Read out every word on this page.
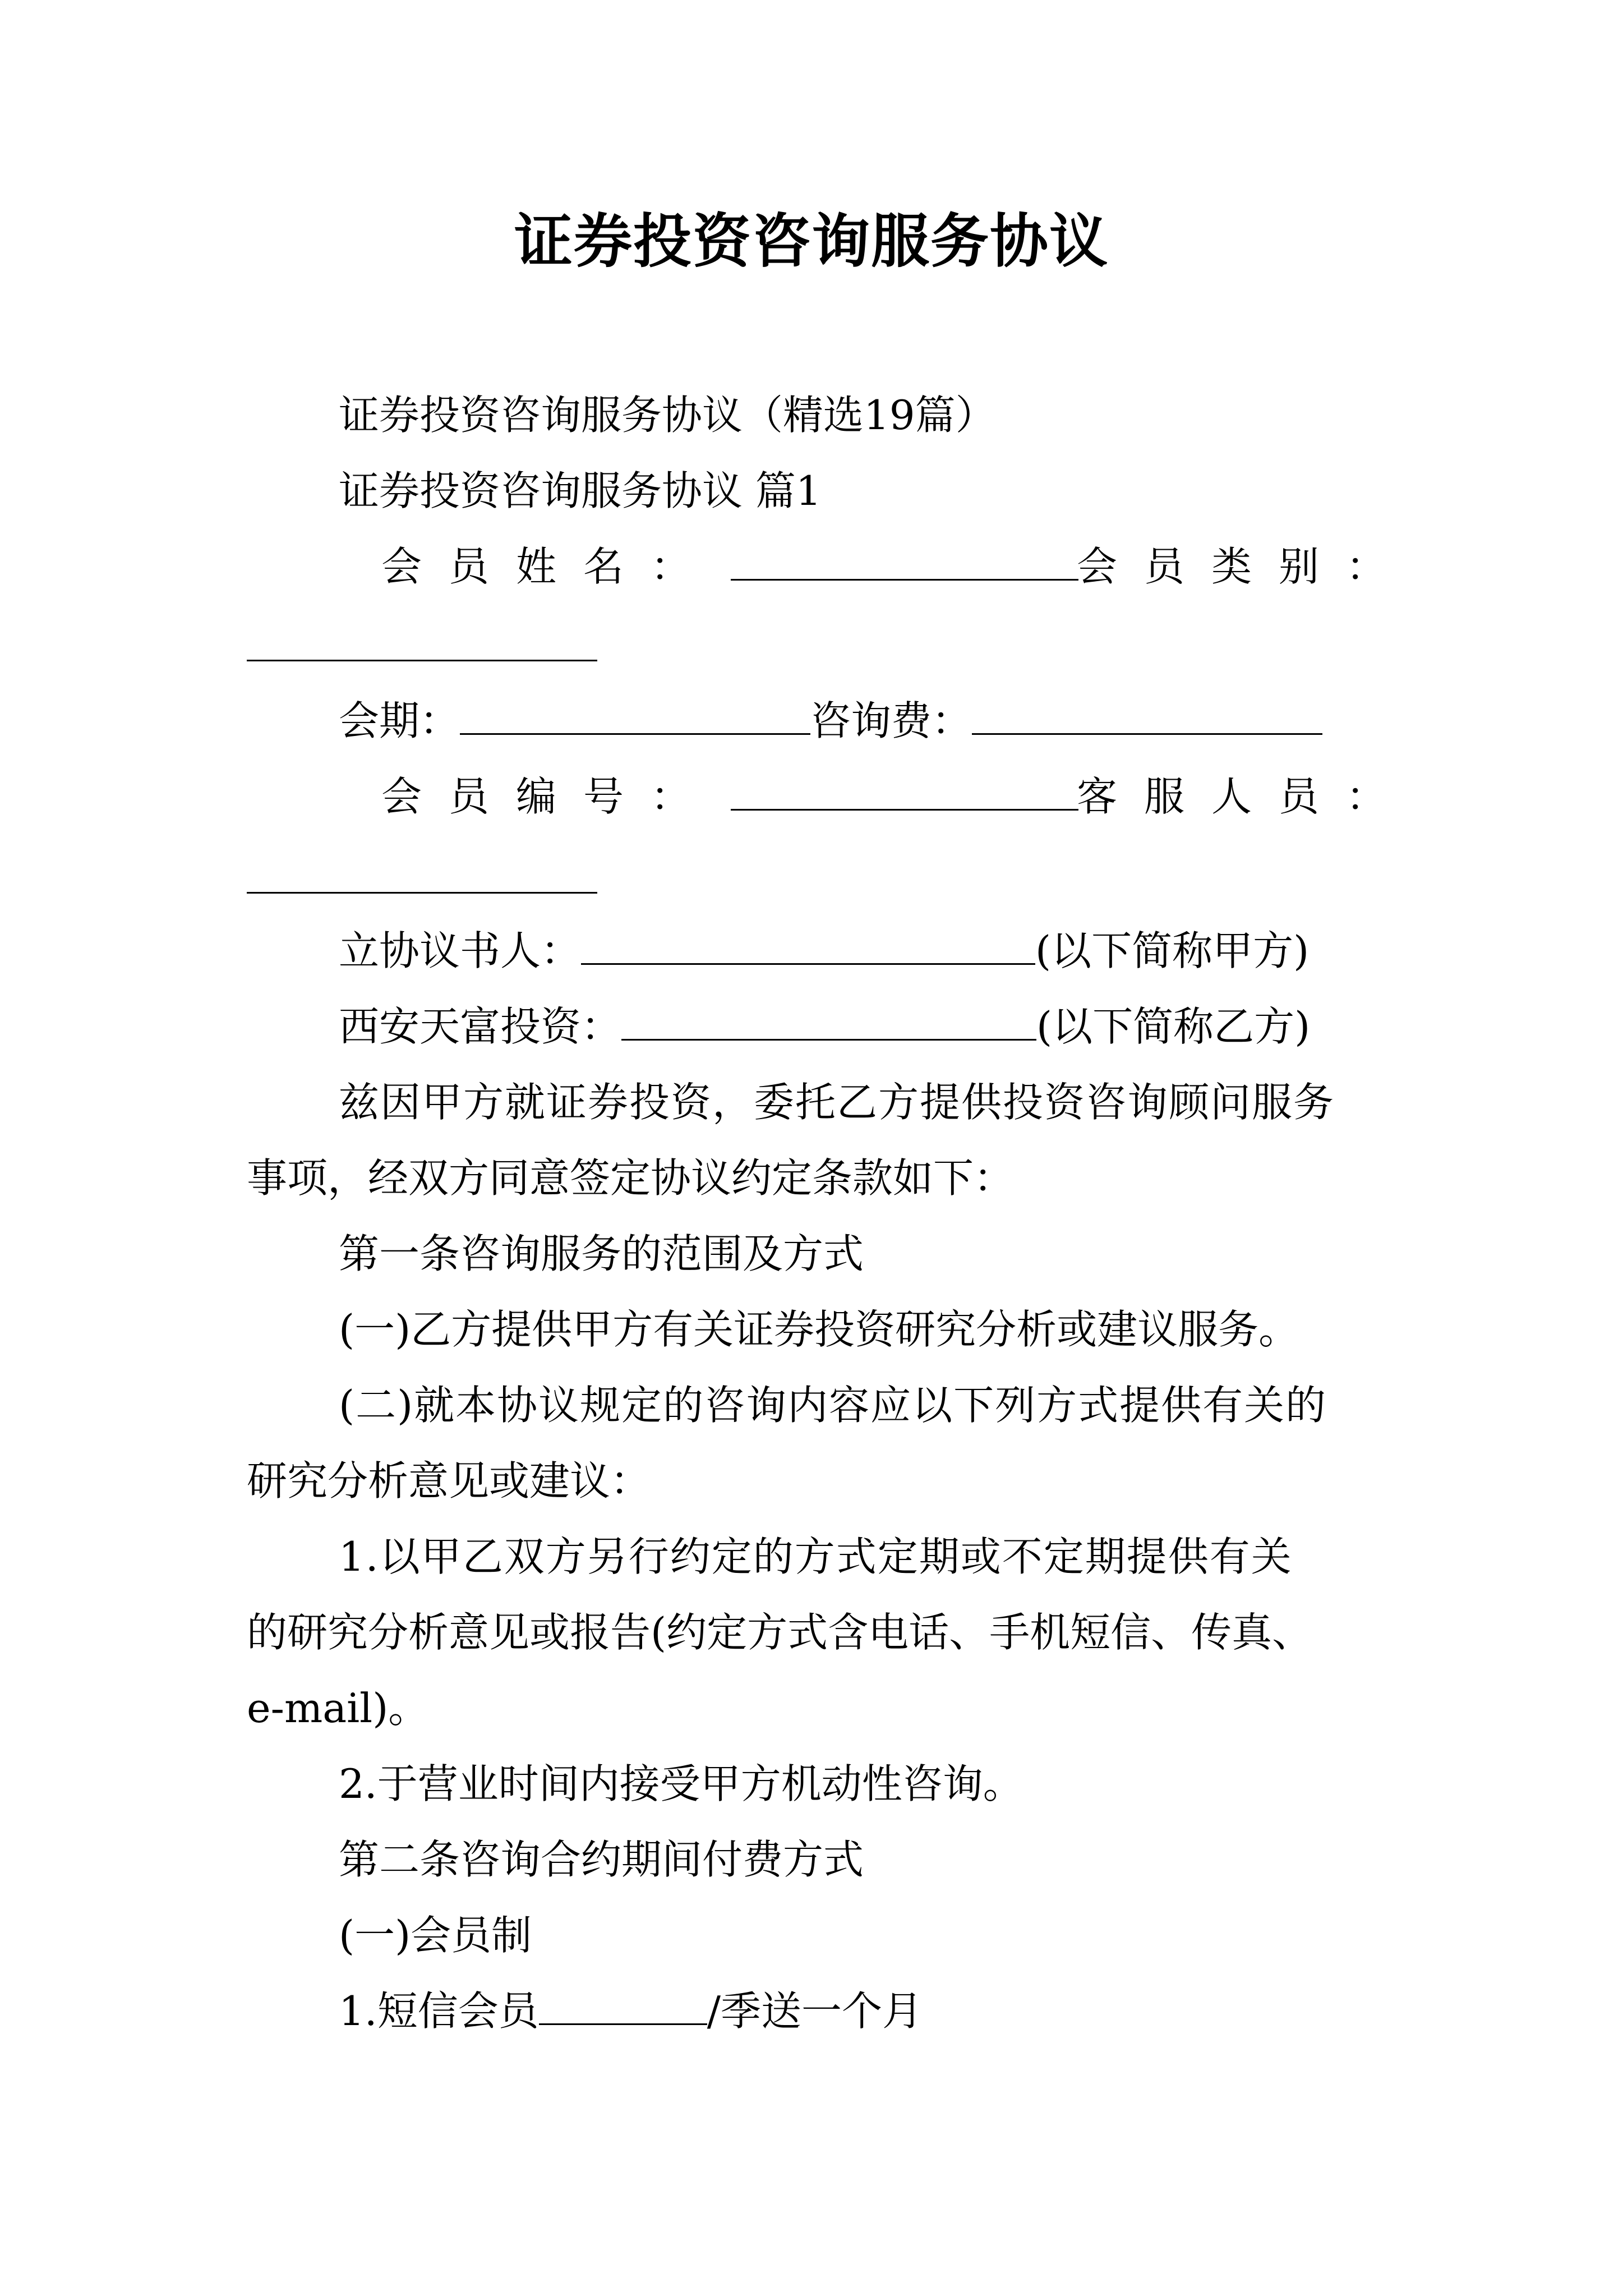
证券投资咨询服务协议
证券投资咨询服务协议（精选19篇）
证券投资咨询服务协议 篇1
会员姓名：	会员类别：
会期：	咨询费：
会员编号：	客服人员：
立协议书人：	(以下简称甲方)
西安天富投资：	(以下简称乙方)
兹因甲方就证券投资，委托乙方提供投资咨询顾问服务
事项，经双方同意签定协议约定条款如下：
第一条咨询服务的范围及方式
(一)乙方提供甲方有关证券投资研究分析或建议服务。
(二)就本协议规定的咨询内容应以下列方式提供有关的
研究分析意见或建议：
1.以甲乙双方另行约定的方式定期或不定期提供有关
的研究分析意见或报告(约定方式含电话、手机短信、传真、
e-mail)。
2.于营业时间内接受甲方机动性咨询。
第二条咨询合约期间付费方式
(一)会员制
1.短信会员	/季送一个月
